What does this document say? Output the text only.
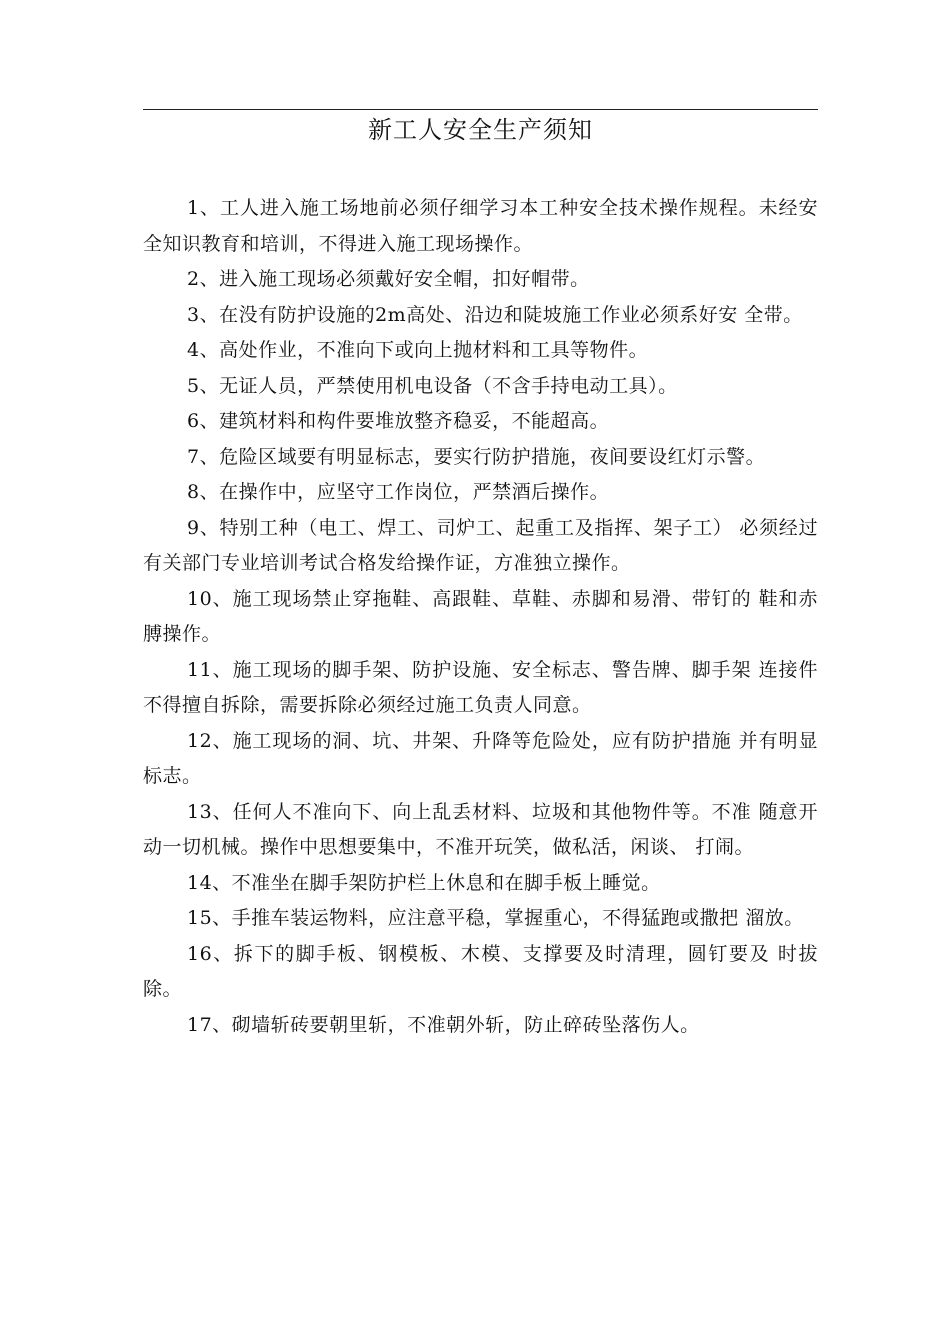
新工人安全生产须知

1、工人进入施工场地前必须仔细学习本工种安全技术操作规程。未经安全知识教育和培训，不得进入施工现场操作。

2、进入施工现场必须戴好安全帽，扣好帽带。

3、在没有防护设施的2m高处、沿边和陡坡施工作业必须系好安 全带。

4、高处作业，不准向下或向上抛材料和工具等物件。

5、无证人员，严禁使用机电设备（不含手持电动工具）。

6、建筑材料和构件要堆放整齐稳妥，不能超高。

7、危险区域要有明显标志，要实行防护措施，夜间要设红灯示警。

8、在操作中，应坚守工作岗位，严禁酒后操作。

9、特别工种（电工、焊工、司炉工、起重工及指挥、架子工） 必须经过有关部门专业培训考试合格发给操作证，方准独立操作。

10、施工现场禁止穿拖鞋、高跟鞋、草鞋、赤脚和易滑、带钉的 鞋和赤膊操作。

11、施工现场的脚手架、防护设施、安全标志、警告牌、脚手架 连接件不得擅自拆除，需要拆除必须经过施工负责人同意。

12、施工现场的洞、坑、井架、升降等危险处，应有防护措施 并有明显标志。

13、任何人不准向下、向上乱丢材料、垃圾和其他物件等。不准 随意开动一切机械。操作中思想要集中，不准开玩笑，做私活，闲谈、 打闹。

14、不准坐在脚手架防护栏上休息和在脚手板上睡觉。

15、手推车装运物料，应注意平稳，掌握重心，不得猛跑或撒把 溜放。

16、拆下的脚手板、钢模板、木模、支撑要及时清理，圆钉要及 时拔除。

17、砌墙斩砖要朝里斩，不准朝外斩，防止碎砖坠落伤人。
